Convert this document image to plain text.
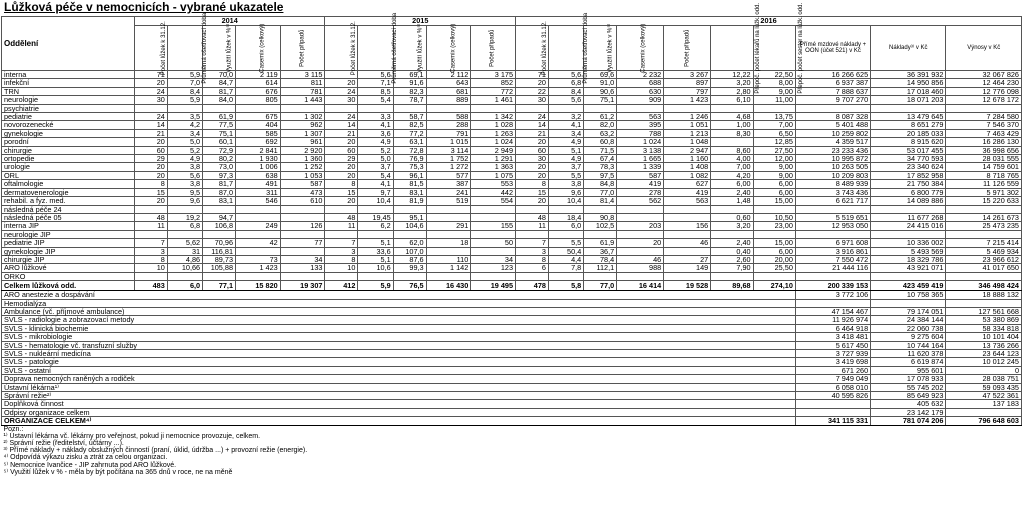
Lůžková péče v nemocnicích - vybrané ukazatele
Oddělení	2014					2015					2016									
	Počet lůžek k 31.12.	Průměrná ošetřovací doba	Využití lůžek v %⁵⁾	Casemix (celkový)	Počet případů	Počet lůžek k 31.12.	Průměrná ošetřovací doba	Využití lůžek v %⁵⁾	Casemix (celkový)	Počet případů	Počet lůžek k 31.12.	Průměrná ošetřovací doba	Využití lůžek v %⁵⁾	Casemix (celkový)	Počet případů	Přepoč. počet lékařů na lůžk. odd.	Přepoč. počet sester na lůžk. odd.	Přímé mzdové náklady + OON (účet 521) v Kč	Náklady³⁾ v Kč	Výnosy v Kč
interna	71	5,9	70,0	2 119	3 115		5,6	69,1	2 112	3 175	71	5,6	69,6	2 232	3 267	12,22	22,50	16 266 625	36 391 932	32 067 826
infekční	20	7,0	84,7	614	811	20	7,1	91,6	643	852	20	6,8	91,0	688	897	3,20	8,00	6 937 387	14 950 856	12 464 230
TRN	24	8,4	81,7	676	781	24	8,5	82,3	681	772	22	8,4	90,6	630	797	2,80	9,00	7 888 637	17 018 460	12 776 098
neurologie	30	5,9	84,0	805	1 443	30	5,4	78,7	889	1 461	30	5,6	75,1	909	1 423	6,10	11,00	9 707 270	18 071 203	12 678 172
psychiatrie																				
pediatrie	24	3,5	61,9	675	1 302	24	3,3	58,7	588	1 342	24	3,2	61,2	563	1 246	4,68	13,75	8 087 328	13 479 645	7 284 580
novorozenecké	14	4,2	77,5	404	962	14	4,1	82,5	288	1 028	14	4,1	82,0	395	1 051	1,00	7,00	5 401 488	8 651 279	7 546 370
gynekologie	21	3,4	75,1	585	1 307	21	3,6	77,2	791	1 263	21	3,4	63,2	788	1 213	8,30	6,50	10 259 802	20 185 033	7 463 429
porodní	20	5,0	60,1	692	961	20	4,9	63,1	1 015	1 024	20	4,9	60,8	1 024	1 048		12,85	4 359 517	8 915 620	16 286 130
chirurgie	60	5,2	72,9	2 841	2 920	60	5,2	72,8	3 114	2 949	60	5,1	71,5	3 138	2 947	8,60	27,50	23 233 436	53 017 455	36 998 656
ortopedie	29	4,9	80,2	1 930	1 360	29	5,0	76,9	1 752	1 291	30	4,9	67,4	1 665	1 160	4,00	12,00	10 995 872	34 770 593	28 031 555
urologie	20	3,8	73,0	1 006	1 252	20	3,7	75,3	1 272	1 363	20	3,7	78,3	1 339	1 408	7,00	9,00	10 263 505	23 340 624	14 759 601
ORL	20	5,6	97,3	638	1 053	20	5,4	96,1	577	1 075	20	5,5	97,5	587	1 082	4,20	9,00	10 209 803	17 852 958	8 718 765
oftalmologie	8	3,8	81,7	491	587	8	4,1	81,5	387	553	8	3,8	84,8	419	627	6,00	6,00	8 489 939	21 750 384	11 126 559
dermatovenerologie	15	9,5	87,0	311	473	15	9,7	83,1	241	442	15	9,6	77,0	278	419	2,40	6,00	3 743 436	6 800 779	5 971 302
rehabil. a fyz. med.	20	9,6	83,1	546	610	20	10,4	81,9	519	554	20	10,4	81,4	562	563	1,48	15,00	6 621 717	14 089 886	15 220 633
následná péče 24																				
následná péče 05	48	19,2	94,7			48	19,45	95,1			48	18,4	90,8			0,60	10,50	5 519 651	11 677 268	14 261 673
interna JIP	11	6,8	106,8	249	126	11	6,2	104,6	291	155	11	6,0	102,5	203	156	3,20	23,00	12 953 050	24 415 016	25 473 235
neurologie JIP																				
pediatrie JIP	7	5,62	70,96	42	77	7	5,1	62,0	18	50	7	5,5	61,9	20	46	2,40	15,00	6 971 608	10 336 002	7 215 414
gynekologie JIP	3	31	116,81			3	33,6	107,0			3	50,4	36,7			0,40	6,00	3 916 861	5 493 569	5 469 934
chirurgie JIP	8	4,86	89,73	73	34	8	5,1	87,6	110	34	8	4,4	78,4	46	27	2,60	20,00	7 550 472	18 329 786	23 966 612
ARO lůžkové	10	10,66	105,88	1 423	133	10	10,6	99,3	1 142	123	6	7,8	112,1	988	149	7,90	25,50	21 444 116	43 921 071	41 017 650
ORKO																				
Celkem lůžková odd.	483	6,0	77,1	15 820	19 307	412	5,9	76,5	16 430	19 495	478	5,8	77,0	16 414	19 528	89,68	274,10	200 339 153	423 459 419	346 498 424
ARO anestezie a dospávání																		3 772 106	10 758 365	18 888 132
Hemodialýza																				
Ambulance (vč. příjmové ambulance)																		47 154 467	79 174 051	127 561 668
SVLS - radiologie a zobrazovací metody																		11 926 974	24 384 144	53 380 869
SVLS - klinická biochemie																		6 464 918	22 060 738	58 334 818
SVLS - mikrobiologie																		3 418 481	9 275 604	10 101 404
SVLS - hematologie vč. transfuzní služby																		5 617 450	10 744 164	13 736 266
SVLS - nukleární medicína																		3 727 939	11 620 378	23 644 123
SVLS - patologie																		3 419 698	6 619 874	10 012 245
SVLS - ostatní																		671 260	955 601	0
Doprava nemocných raněných a rodiček																		7 949 049	17 078 933	28 038 751
Ústavní lékárna¹⁾																		6 058 010	55 745 202	59 093 435
Správní režie²⁾																		40 595 826	85 649 923	47 522 361
Doplňková činnost																			405 632	137 183
Odpisy organizace celkem																			23 142 179	
ORGANIZACE CELKEM⁴⁾																		341 115 331	781 074 206	796 648 603
Pozn.:																				
¹⁾ Ústavní lékárna vč. lékárny pro veřejnost, pokud ji nemocnice provozuje, celkem.																				
²⁾ Správní režie (ředitelství, účtárny ...).																				
³⁾ Přímé náklady + náklady obslužných činností (praní, úklid, údržba ...) + provozní režie (energie).																				
⁴⁾ Odpovídá výkazu zisku a ztrát za celou organizaci.																				
⁵⁾ Nemocnice Ivančice - JIP zahrnuta pod ARO lůžkové.																				
⁵⁾ Využití lůžek v % - měla by být počítána na 365 dnů v roce, ne na měně																				
